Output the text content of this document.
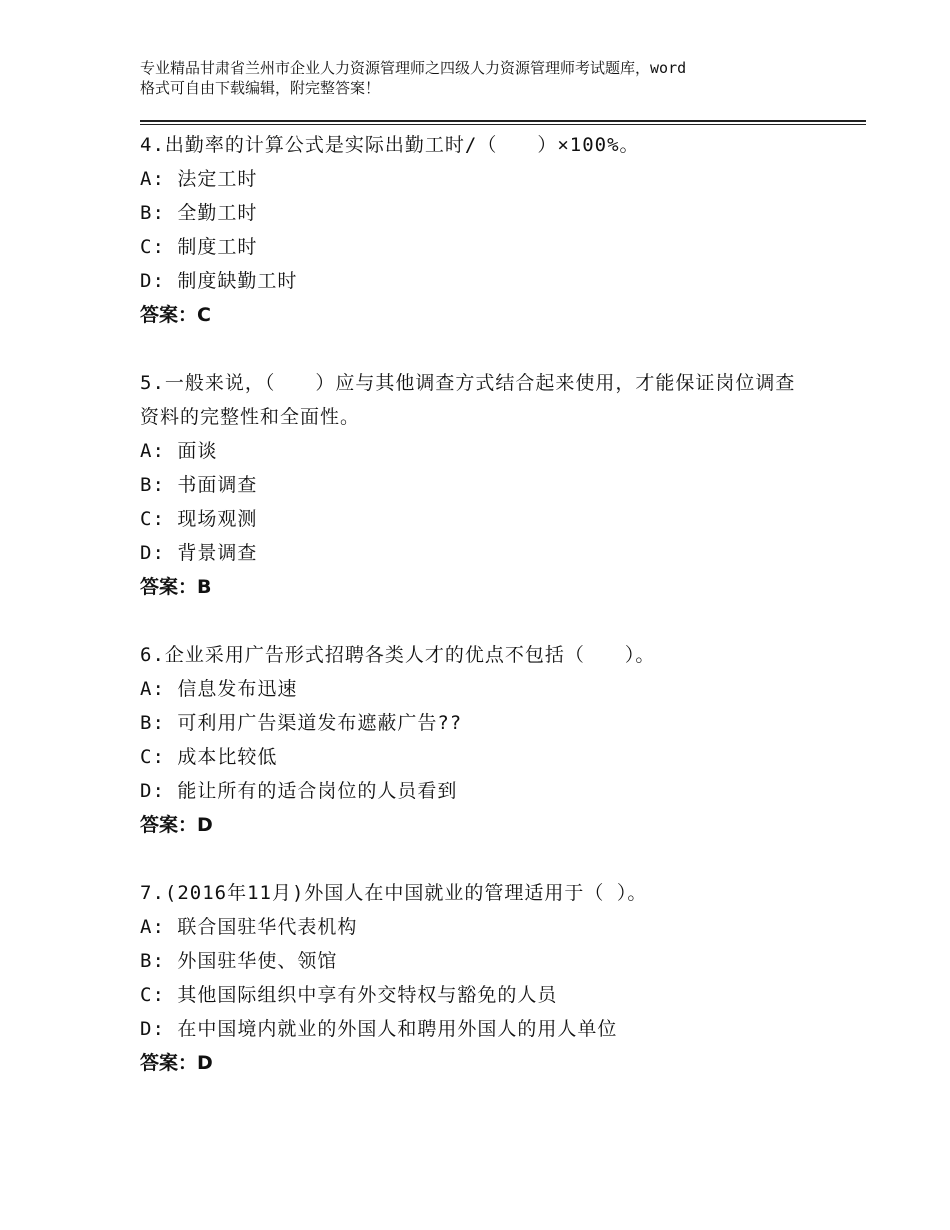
专业精品甘肃省兰州市企业人力资源管理师之四级人力资源管理师考试题库，word
格式可自由下载编辑，附完整答案！
4.出勤率的计算公式是实际出勤工时/（　　）×100%。
A: 法定工时
B: 全勤工时
C: 制度工时
D: 制度缺勤工时
答案：C
5.一般来说，（　　）应与其他调查方式结合起来使用，才能保证岗位调查资料的完整性和全面性。
A: 面谈
B: 书面调查
C: 现场观测
D: 背景调查
答案：B
6.企业采用广告形式招聘各类人才的优点不包括（　　）。
A: 信息发布迅速
B: 可利用广告渠道发布遮蔽广告??
C: 成本比较低
D: 能让所有的适合岗位的人员看到
答案：D
7.(2016年11月)外国人在中国就业的管理适用于（ ）。
A: 联合国驻华代表机构
B: 外国驻华使、领馆
C: 其他国际组织中享有外交特权与豁免的人员
D: 在中国境内就业的外国人和聘用外国人的用人单位
答案：D
